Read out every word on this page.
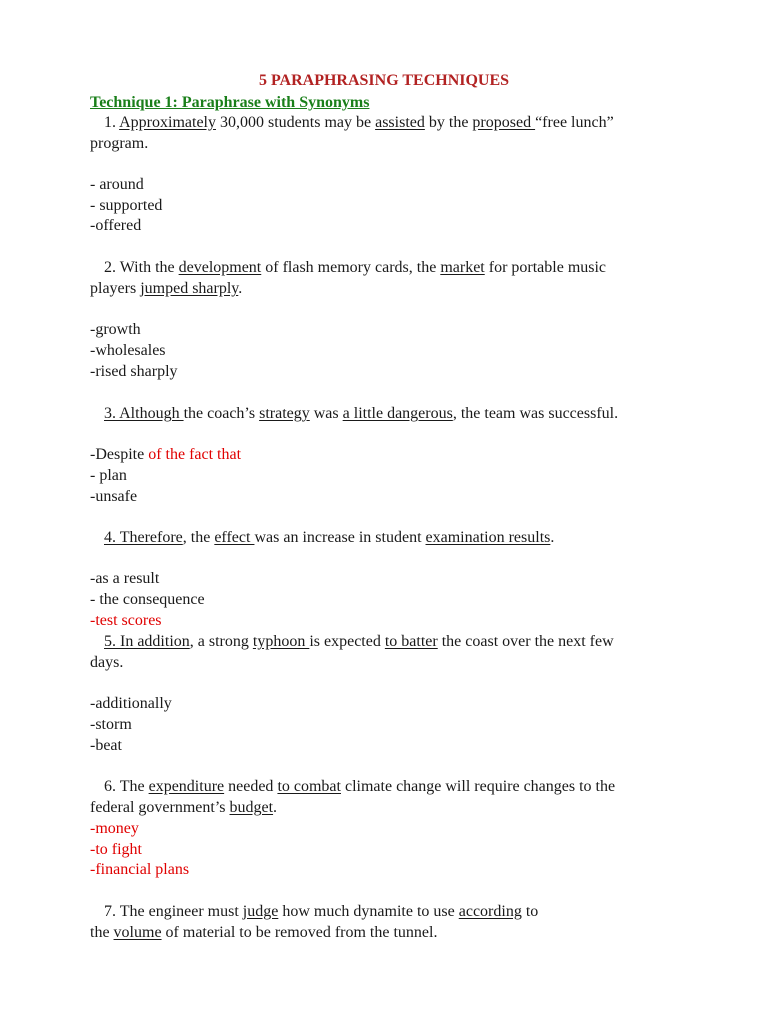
5 PARAPHRASING TECHNIQUES
Technique 1: Paraphrase with Synonyms
1. Approximately 30,000 students may be assisted by the proposed “free lunch”
program.
- around
- supported
-offered
2. With the development of flash memory cards, the market for portable music
players jumped sharply.
-growth
-wholesales
-rised sharply
3. Although the coach’s strategy was a little dangerous, the team was successful.
-Despite of the fact that
- plan
-unsafe
4. Therefore, the effect was an increase in student examination results.
-as a result
- the consequence
-test scores
5. In addition, a strong typhoon is expected to batter the coast over the next few
days.
-additionally
-storm
-beat
6. The expenditure needed to combat climate change will require changes to the
federal government’s budget.
-money
-to fight
-financial plans
7. The engineer must judge how much dynamite to use according to
the volume of material to be removed from the tunnel.
